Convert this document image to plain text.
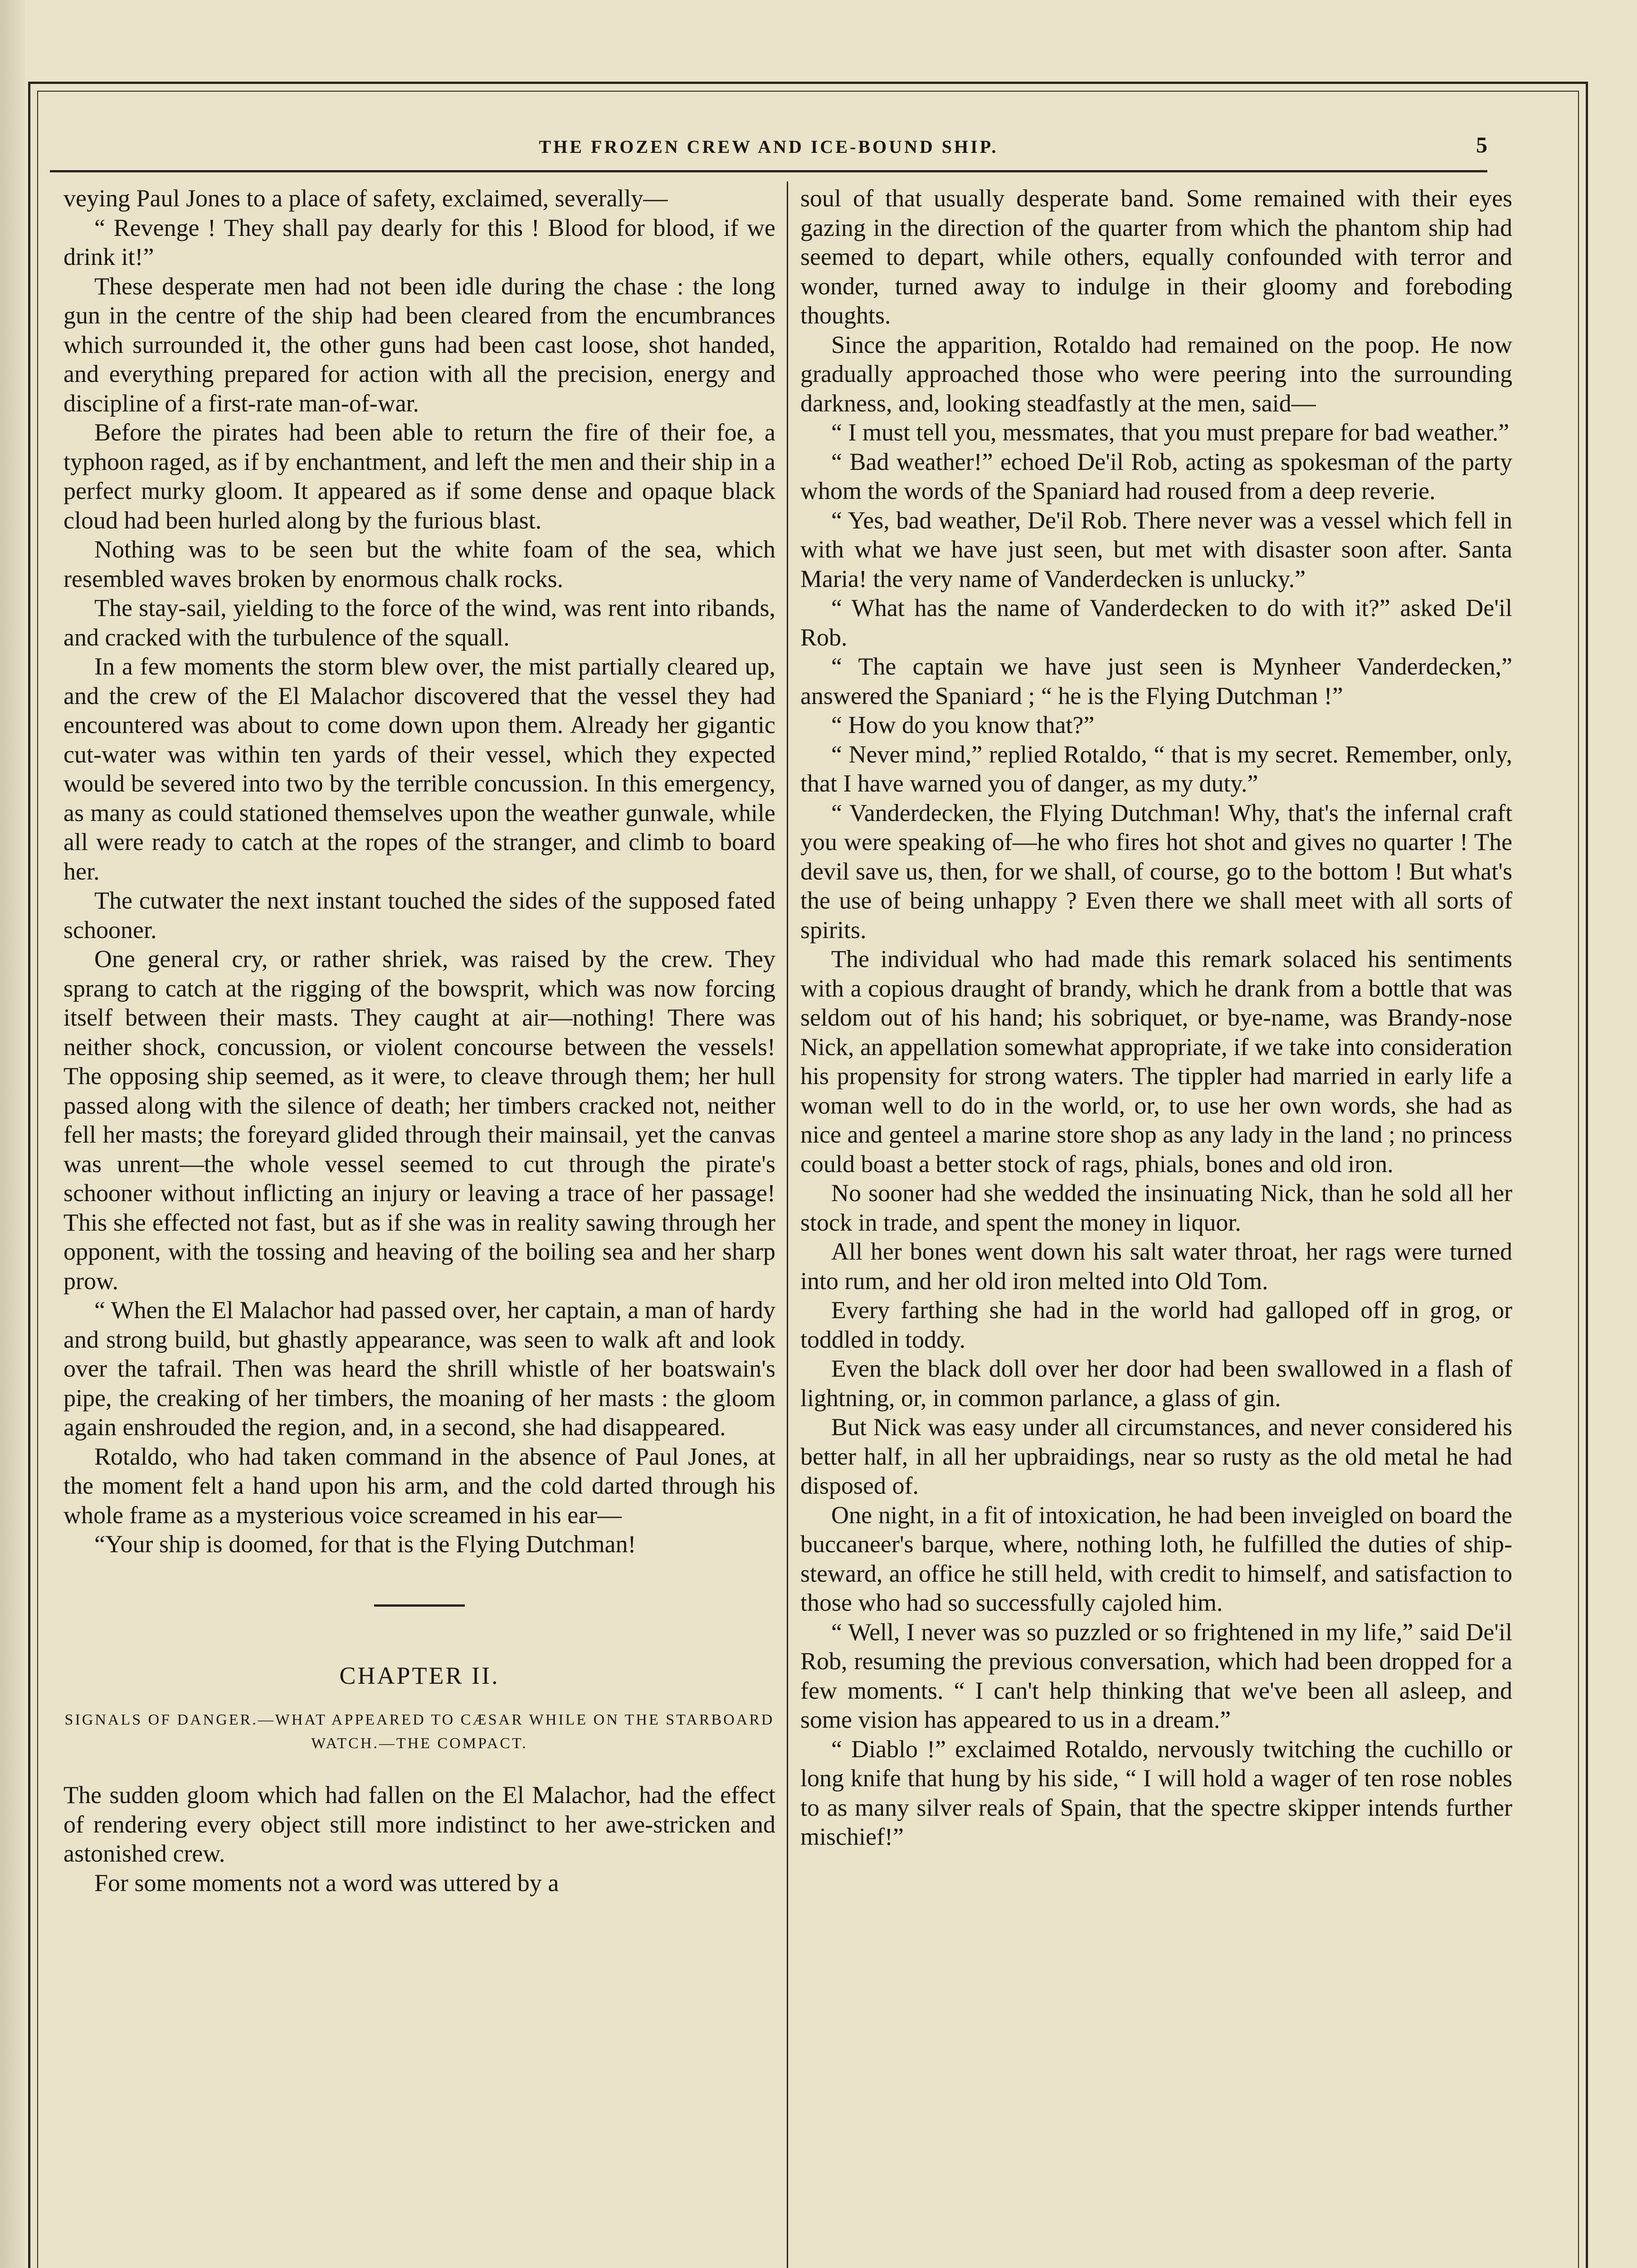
THE FROZEN CREW AND ICE-BOUND SHIP.	5

veying Paul Jones to a place of safety, exclaimed, severally—

“ Revenge ! They shall pay dearly for this ! Blood for blood, if we drink it!”

These desperate men had not been idle during the chase : the long gun in the centre of the ship had been cleared from the encumbrances which surrounded it, the other guns had been cast loose, shot handed, and everything prepared for action with all the precision, energy and discipline of a first-rate man-of-war.

Before the pirates had been able to return the fire of their foe, a typhoon raged, as if by enchantment, and left the men and their ship in a perfect murky gloom. It appeared as if some dense and opaque black cloud had been hurled along by the furious blast.

Nothing was to be seen but the white foam of the sea, which resembled waves broken by enormous chalk rocks.

The stay-sail, yielding to the force of the wind, was rent into ribands, and cracked with the turbulence of the squall.

In a few moments the storm blew over, the mist partially cleared up, and the crew of the El Malachor discovered that the vessel they had encountered was about to come down upon them. Already her gigantic cut-water was within ten yards of their vessel, which they expected would be severed into two by the terrible concussion. In this emergency, as many as could stationed themselves upon the weather gunwale, while all were ready to catch at the ropes of the stranger, and climb to board her.

The cutwater the next instant touched the sides of the supposed fated schooner.

One general cry, or rather shriek, was raised by the crew. They sprang to catch at the rigging of the bowsprit, which was now forcing itself between their masts. They caught at air—nothing! There was neither shock, concussion, or violent concourse between the vessels! The opposing ship seemed, as it were, to cleave through them; her hull passed along with the silence of death; her timbers cracked not, neither fell her masts; the foreyard glided through their mainsail, yet the canvas was unrent—the whole vessel seemed to cut through the pirate's schooner without inflicting an injury or leaving a trace of her passage! This she effected not fast, but as if she was in reality sawing through her opponent, with the tossing and heaving of the boiling sea and her sharp prow.

“ When the El Malachor had passed over, her captain, a man of hardy and strong build, but ghastly appearance, was seen to walk aft and look over the tafrail. Then was heard the shrill whistle of her boatswain's pipe, the creaking of her timbers, the moaning of her masts : the gloom again enshrouded the region, and, in a second, she had disappeared.

Rotaldo, who had taken command in the absence of Paul Jones, at the moment felt a hand upon his arm, and the cold darted through his whole frame as a mysterious voice screamed in his ear—

“Your ship is doomed, for that is the Flying Dutchman!

CHAPTER II.
SIGNALS OF DANGER.—WHAT APPEARED TO CÆSAR WHILE ON THE STARBOARD WATCH.—THE COMPACT.

The sudden gloom which had fallen on the El Malachor, had the effect of rendering every object still more indistinct to her awe-stricken and astonished crew.

For some moments not a word was uttered by a

soul of that usually desperate band. Some remained with their eyes gazing in the direction of the quarter from which the phantom ship had seemed to depart, while others, equally confounded with terror and wonder, turned away to indulge in their gloomy and foreboding thoughts.

Since the apparition, Rotaldo had remained on the poop. He now gradually approached those who were peering into the surrounding darkness, and, looking steadfastly at the men, said—

“ I must tell you, messmates, that you must prepare for bad weather.”

“ Bad weather!” echoed De'il Rob, acting as spokesman of the party whom the words of the Spaniard had roused from a deep reverie.

“ Yes, bad weather, De'il Rob. There never was a vessel which fell in with what we have just seen, but met with disaster soon after. Santa Maria! the very name of Vanderdecken is unlucky.”

“ What has the name of Vanderdecken to do with it?” asked De'il Rob.

“ The captain we have just seen is Mynheer Vanderdecken,” answered the Spaniard ; “ he is the Flying Dutchman !”

“ How do you know that?”

“ Never mind,” replied Rotaldo, “ that is my secret. Remember, only, that I have warned you of danger, as my duty.”

“ Vanderdecken, the Flying Dutchman! Why, that's the infernal craft you were speaking of—he who fires hot shot and gives no quarter ! The devil save us, then, for we shall, of course, go to the bottom ! But what's the use of being unhappy ? Even there we shall meet with all sorts of spirits.

The individual who had made this remark solaced his sentiments with a copious draught of brandy, which he drank from a bottle that was seldom out of his hand; his sobriquet, or bye-name, was Brandy-nose Nick, an appellation somewhat appropriate, if we take into consideration his propensity for strong waters. The tippler had married in early life a woman well to do in the world, or, to use her own words, she had as nice and genteel a marine store shop as any lady in the land ; no princess could boast a better stock of rags, phials, bones and old iron.

No sooner had she wedded the insinuating Nick, than he sold all her stock in trade, and spent the money in liquor.

All her bones went down his salt water throat, her rags were turned into rum, and her old iron melted into Old Tom.

Every farthing she had in the world had galloped off in grog, or toddled in toddy.

Even the black doll over her door had been swallowed in a flash of lightning, or, in common parlance, a glass of gin.

But Nick was easy under all circumstances, and never considered his better half, in all her upbraidings, near so rusty as the old metal he had disposed of.

One night, in a fit of intoxication, he had been inveigled on board the buccaneer's barque, where, nothing loth, he fulfilled the duties of ship-steward, an office he still held, with credit to himself, and satisfaction to those who had so successfully cajoled him.

“ Well, I never was so puzzled or so frightened in my life,” said De'il Rob, resuming the previous conversation, which had been dropped for a few moments. “ I can't help thinking that we've been all asleep, and some vision has appeared to us in a dream.”

“ Diablo !” exclaimed Rotaldo, nervously twitching the cuchillo or long knife that hung by his side, “ I will hold a wager of ten rose nobles to as many silver reals of Spain, that the spectre skipper intends further mischief!”
